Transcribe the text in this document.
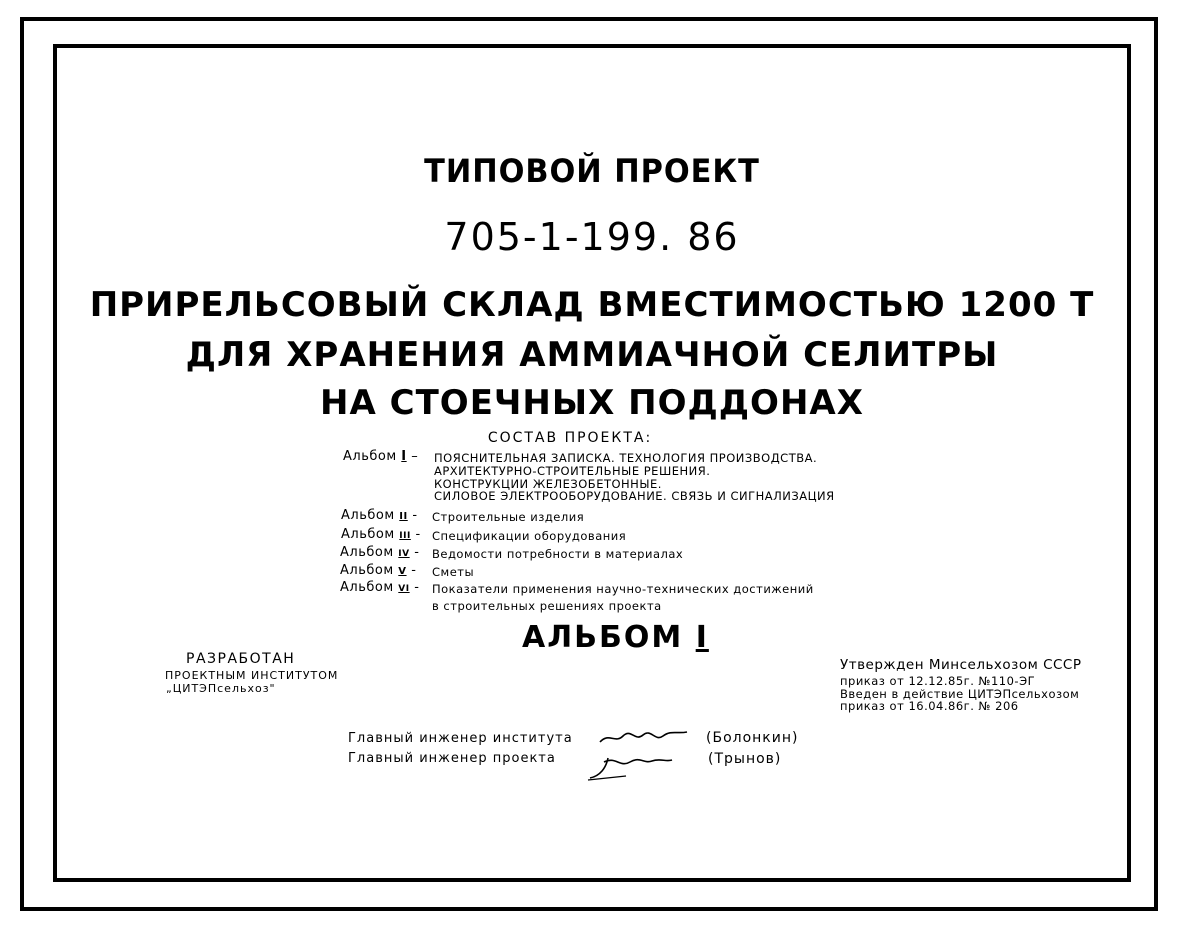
ТИПОВОЙ ПРОЕКТ
705-1-199. 86
ПРИРЕЛЬСОВЫЙ СКЛАД ВМЕСТИМОСТЬЮ 1200 Т
ДЛЯ ХРАНЕНИЯ АММИАЧНОЙ СЕЛИТРЫ
НА СТОЕЧНЫХ ПОДДОНАХ
СОСТАВ ПРОЕКТА:
Альбом I – ПОЯСНИТЕЛЬНАЯ ЗАПИСКА. ТЕХНОЛОГИЯ ПРОИЗВОДСТВА.
АРХИТЕКТУРНО-СТРОИТЕЛЬНЫЕ РЕШЕНИЯ.
КОНСТРУКЦИИ ЖЕЛЕЗОБЕТОННЫЕ.
СИЛОВОЕ ЭЛЕКТРООБОРУДОВАНИЕ. СВЯЗЬ И СИГНАЛИЗАЦИЯ
Альбом II - Строительные изделия
Альбом III - Спецификации оборудования
Альбом IV - Ведомости потребности в материалах
Альбом V - Сметы
Альбом VI - Показатели применения научно-технических достижений
в строительных решениях проекта
АЛЬБОМ I
РАЗРАБОТАН
ПРОЕКТНЫМ ИНСТИТУТОМ
„ЦИТЭПсельхоз"
Утвержден Минсельхозом СССР
приказ от 12.12.85г. №110-ЭГ
Введен в действие ЦИТЭПсельхозом
приказ от 16.04.86г. № 206
Главный инженер института	(Болонкин)
Главный инженер проекта	(Трынов)
